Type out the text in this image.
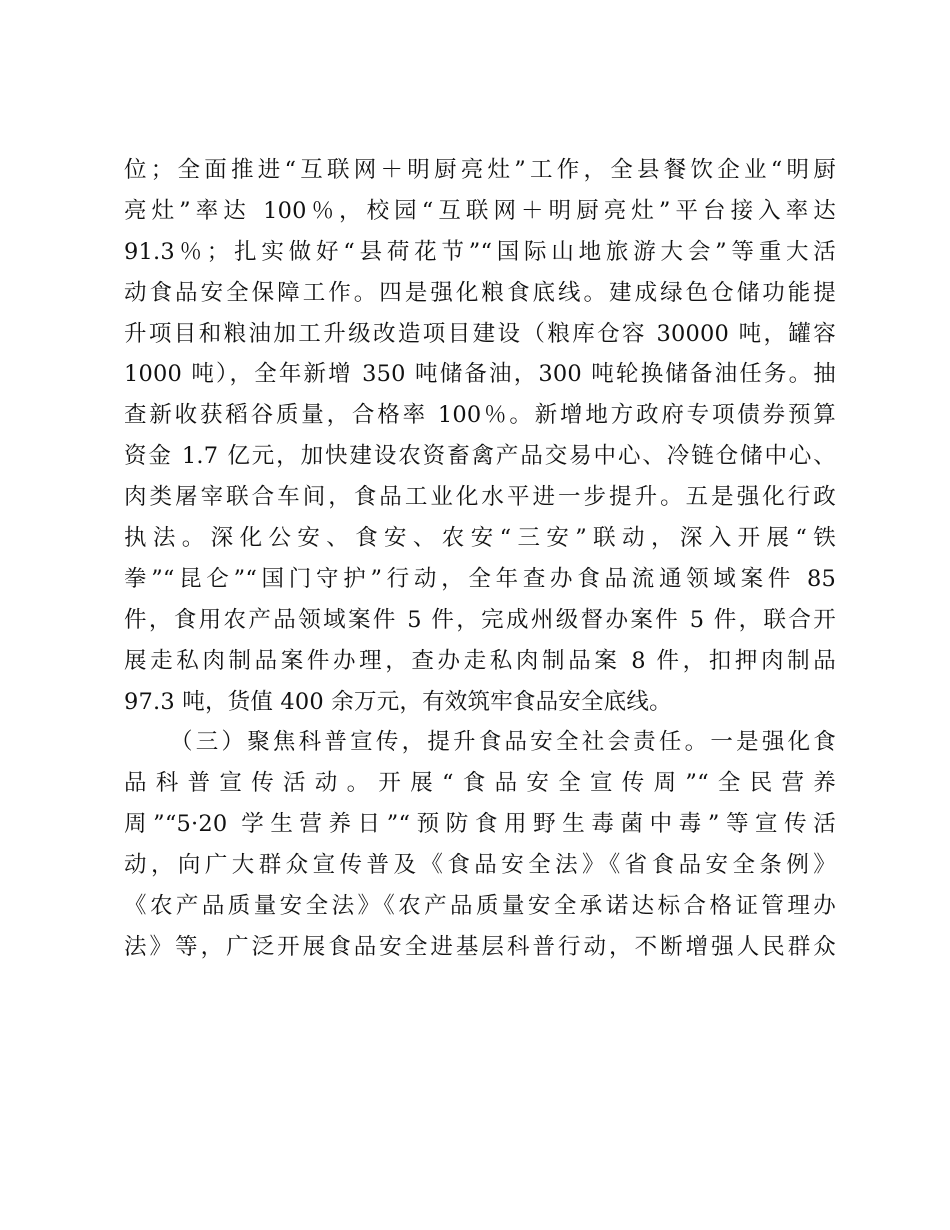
位；全面推进“互联网＋明厨亮灶”工作，全县餐饮企业“明厨
亮灶”率达 100％，校园“互联网＋明厨亮灶”平台接入率达
91.3％；扎实做好“县荷花节”“国际山地旅游大会”等重大活
动食品安全保障工作。四是强化粮食底线。建成绿色仓储功能提
升项目和粮油加工升级改造项目建设（粮库仓容 30000 吨，罐容
1000 吨），全年新增 350 吨储备油，300 吨轮换储备油任务。抽
查新收获稻谷质量，合格率 100％。新增地方政府专项债券预算
资金 1.7 亿元，加快建设农资畜禽产品交易中心、冷链仓储中心、
肉类屠宰联合车间，食品工业化水平进一步提升。五是强化行政
执法。深化公安、食安、农安“三安”联动，深入开展“铁
拳”“昆仑”“国门守护”行动，全年查办食品流通领域案件 85
件，食用农产品领域案件 5 件，完成州级督办案件 5 件，联合开
展走私肉制品案件办理，查办走私肉制品案 8 件，扣押肉制品
97.3 吨，货值 400 余万元，有效筑牢食品安全底线。
（三）聚焦科普宣传，提升食品安全社会责任。一是强化食
品科普宣传活动。开展“食品安全宣传周”“全民营养
周”“5·20 学生营养日”“预防食用野生毒菌中毒”等宣传活
动，向广大群众宣传普及《食品安全法》《省食品安全条例》
《农产品质量安全法》《农产品质量安全承诺达标合格证管理办
法》等，广泛开展食品安全进基层科普行动，不断增强人民群众
